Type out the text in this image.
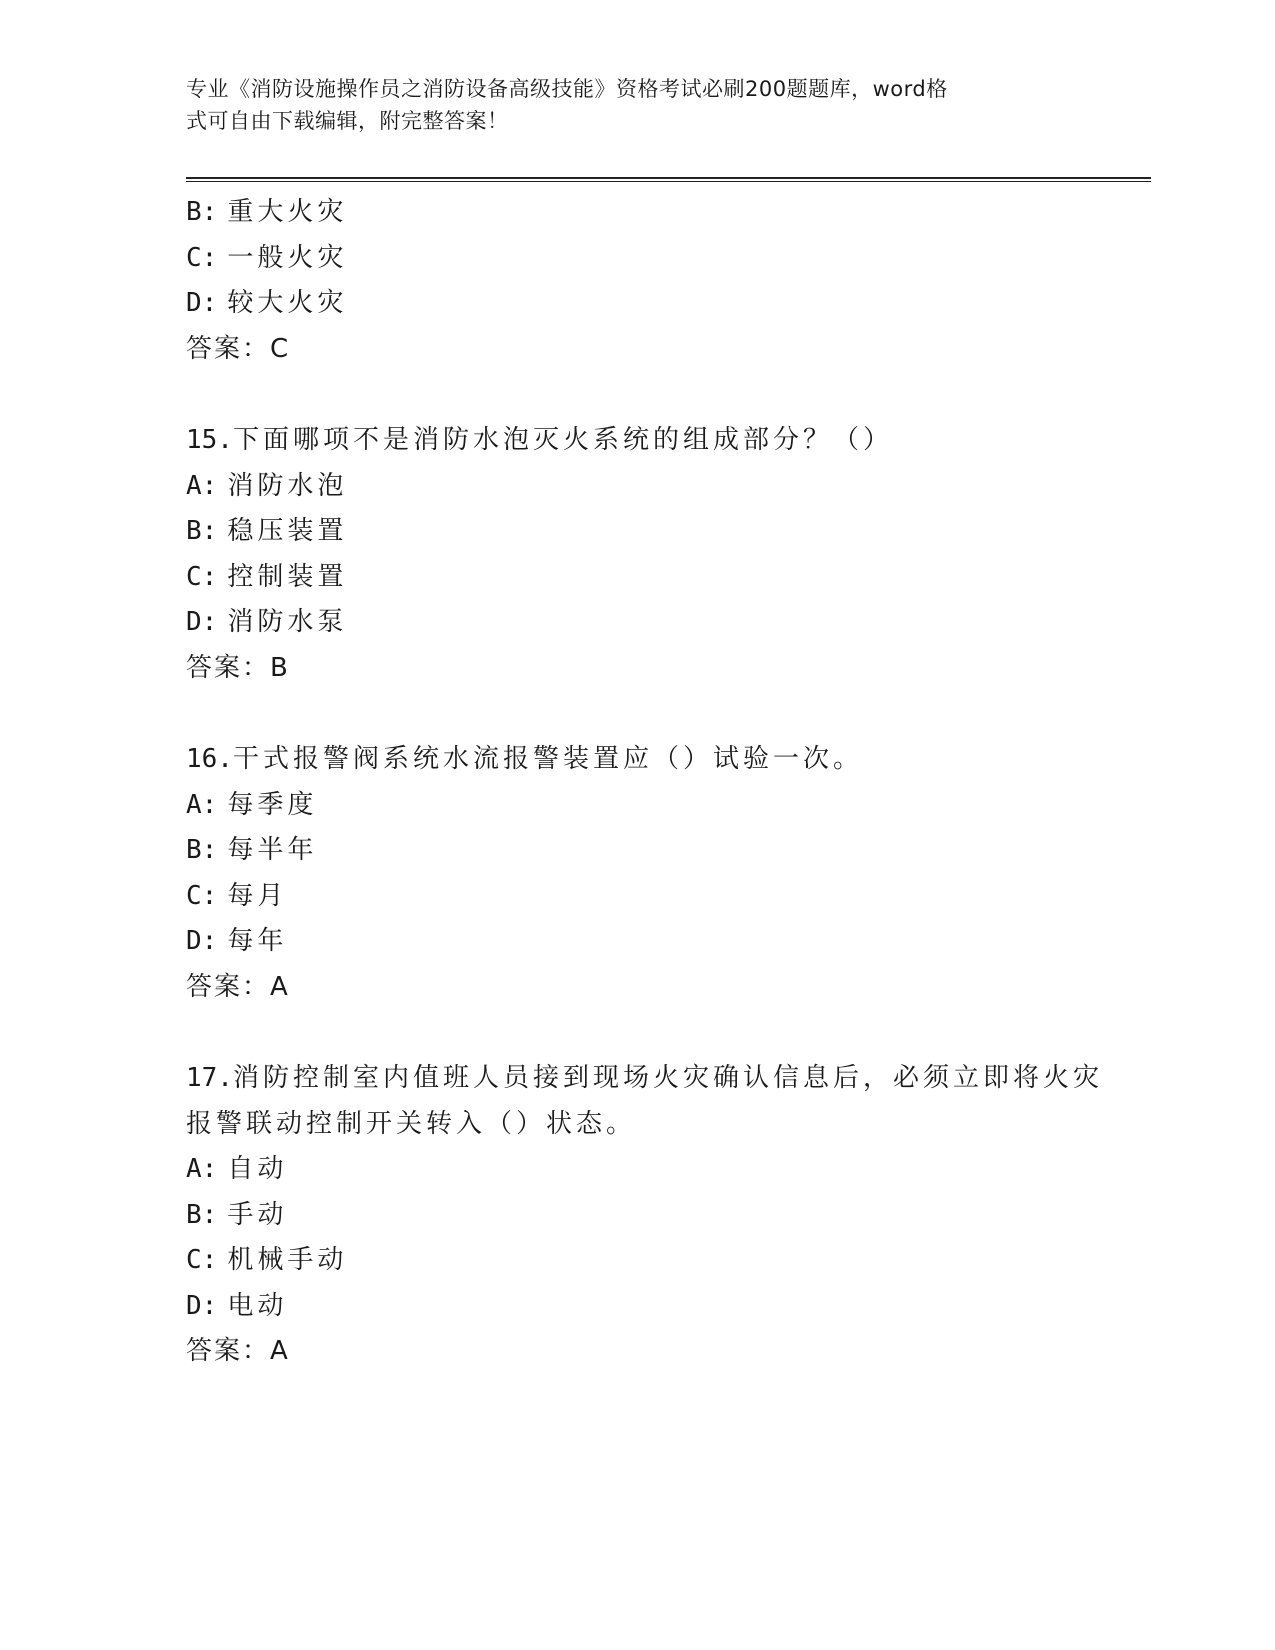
专业《消防设施操作员之消防设备高级技能》资格考试必刷200题题库，word格
式可自由下载编辑，附完整答案！
B: 重大火灾
C: 一般火灾
D: 较大火灾
答案：C
15.下面哪项不是消防水泡灭火系统的组成部分？（）
A: 消防水泡
B: 稳压装置
C: 控制装置
D: 消防水泵
答案：B
16.干式报警阀系统水流报警装置应（）试验一次。
A: 每季度
B: 每半年
C: 每月
D: 每年
答案：A
17.消防控制室内值班人员接到现场火灾确认信息后，必须立即将火灾
报警联动控制开关转入（）状态。
A: 自动
B: 手动
C: 机械手动
D: 电动
答案：A
